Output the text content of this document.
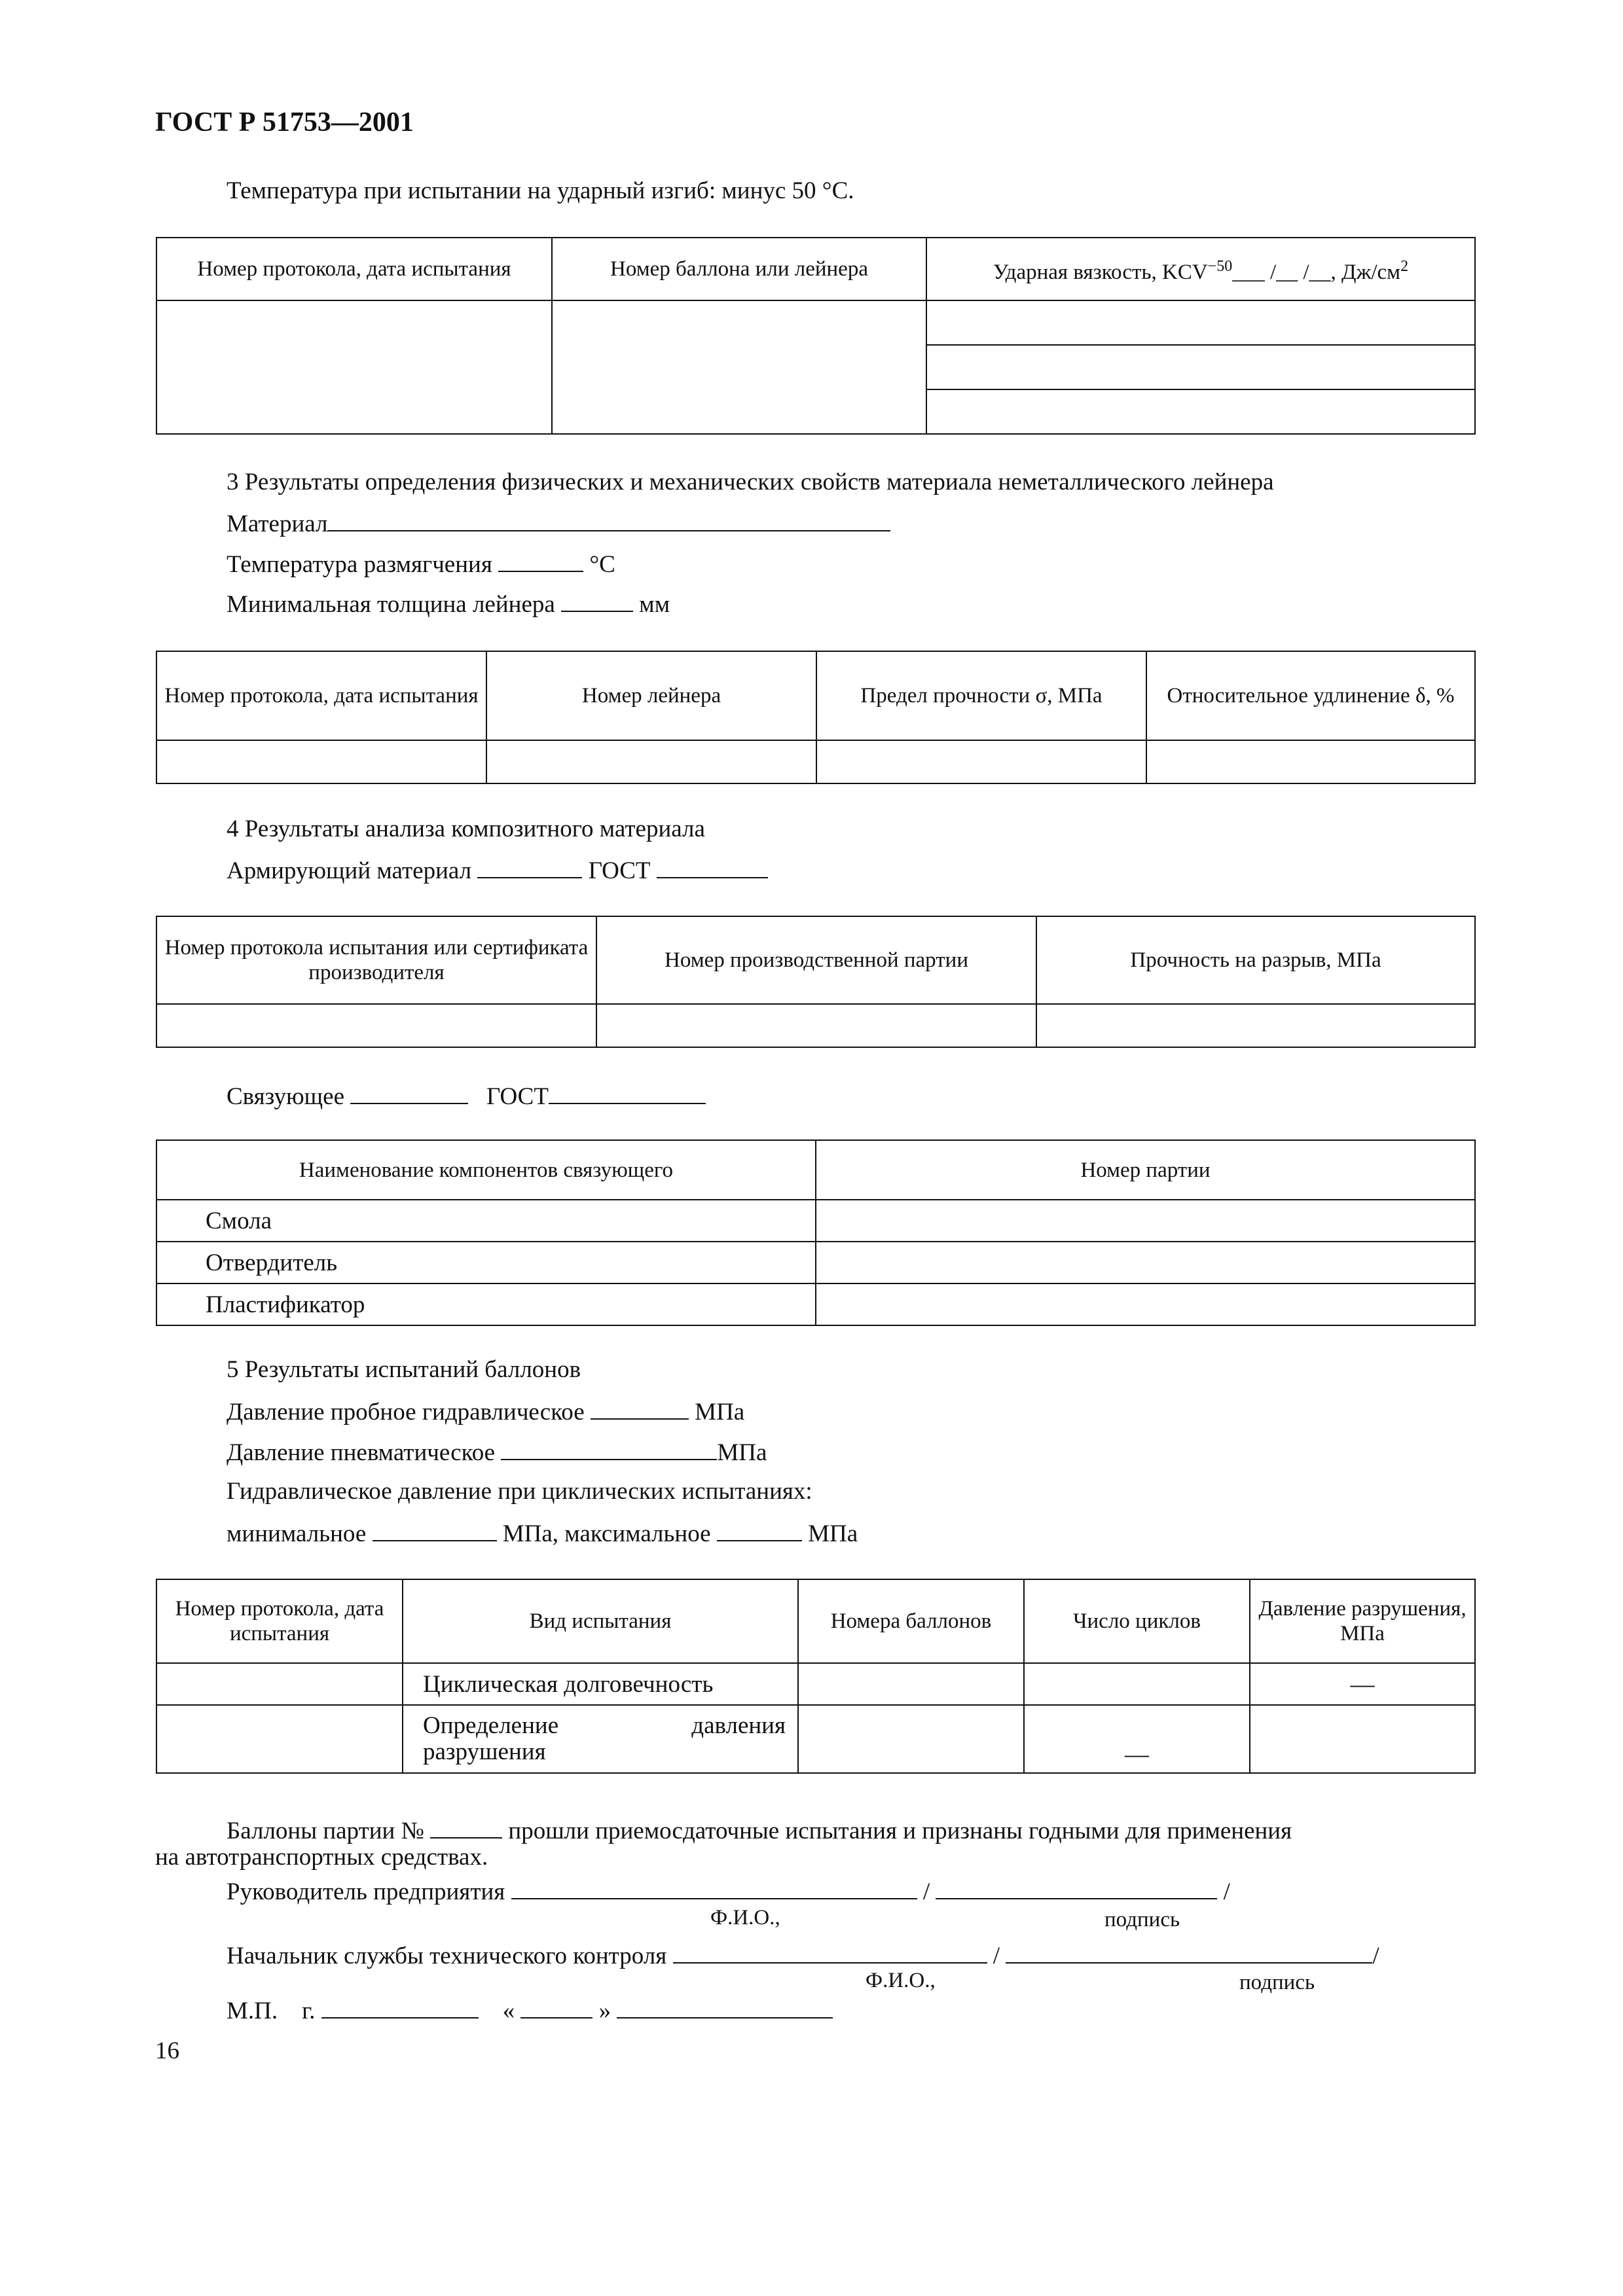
ГОСТ Р 51753—2001
Температура при испытании на ударный изгиб: минус 50 °С.
Номер протокола, дата испытания	Номер баллона или лейнера	Ударная вязкость, $KCV^{-50}\_\_\_$ /__ /__, $Дж/см^2$

3 Результаты определения физических и механических свойств материала неметаллического лейнера
Материал
Температура размягчения	°С
Минимальная толщина лейнера	мм
Номер протокола, дата испытания	Номер лейнера	Предел прочности σ, МПа	Относительное удлинение δ, %

4 Результаты анализа композитного материала
Армирующий материал	ГОСТ
Номер протокола испытания или сертификата производителя	Номер производственной партии	Прочность на разрыв, МПа

Связующее	ГОСТ
Наименование компонентов связующего	Номер партии
Смола	
Отвердитель	
Пластификатор	
5 Результаты испытаний баллонов
Давление пробное гидравлическое	МПа
Давление пневматическое	МПа
Гидравлическое давление при циклических испытаниях:
минимальное	МПа, максимальное	МПа
Номер протокола, дата испытания	Вид испытания	Номера баллонов	Число циклов	Давление разрушения, МПа
	Циклическая долговечность			—

	Определение давления
разрушения		—	
Баллоны партии №	прошли приемосдаточные испытания и признаны годными для применения
на автотранспортных средствах.
Руководитель предприятия	/	/
Ф.И.О.,	подпись
Начальник службы технического контроля	/	/
Ф.И.О.,	подпись
М.П. г.	«	»
16
